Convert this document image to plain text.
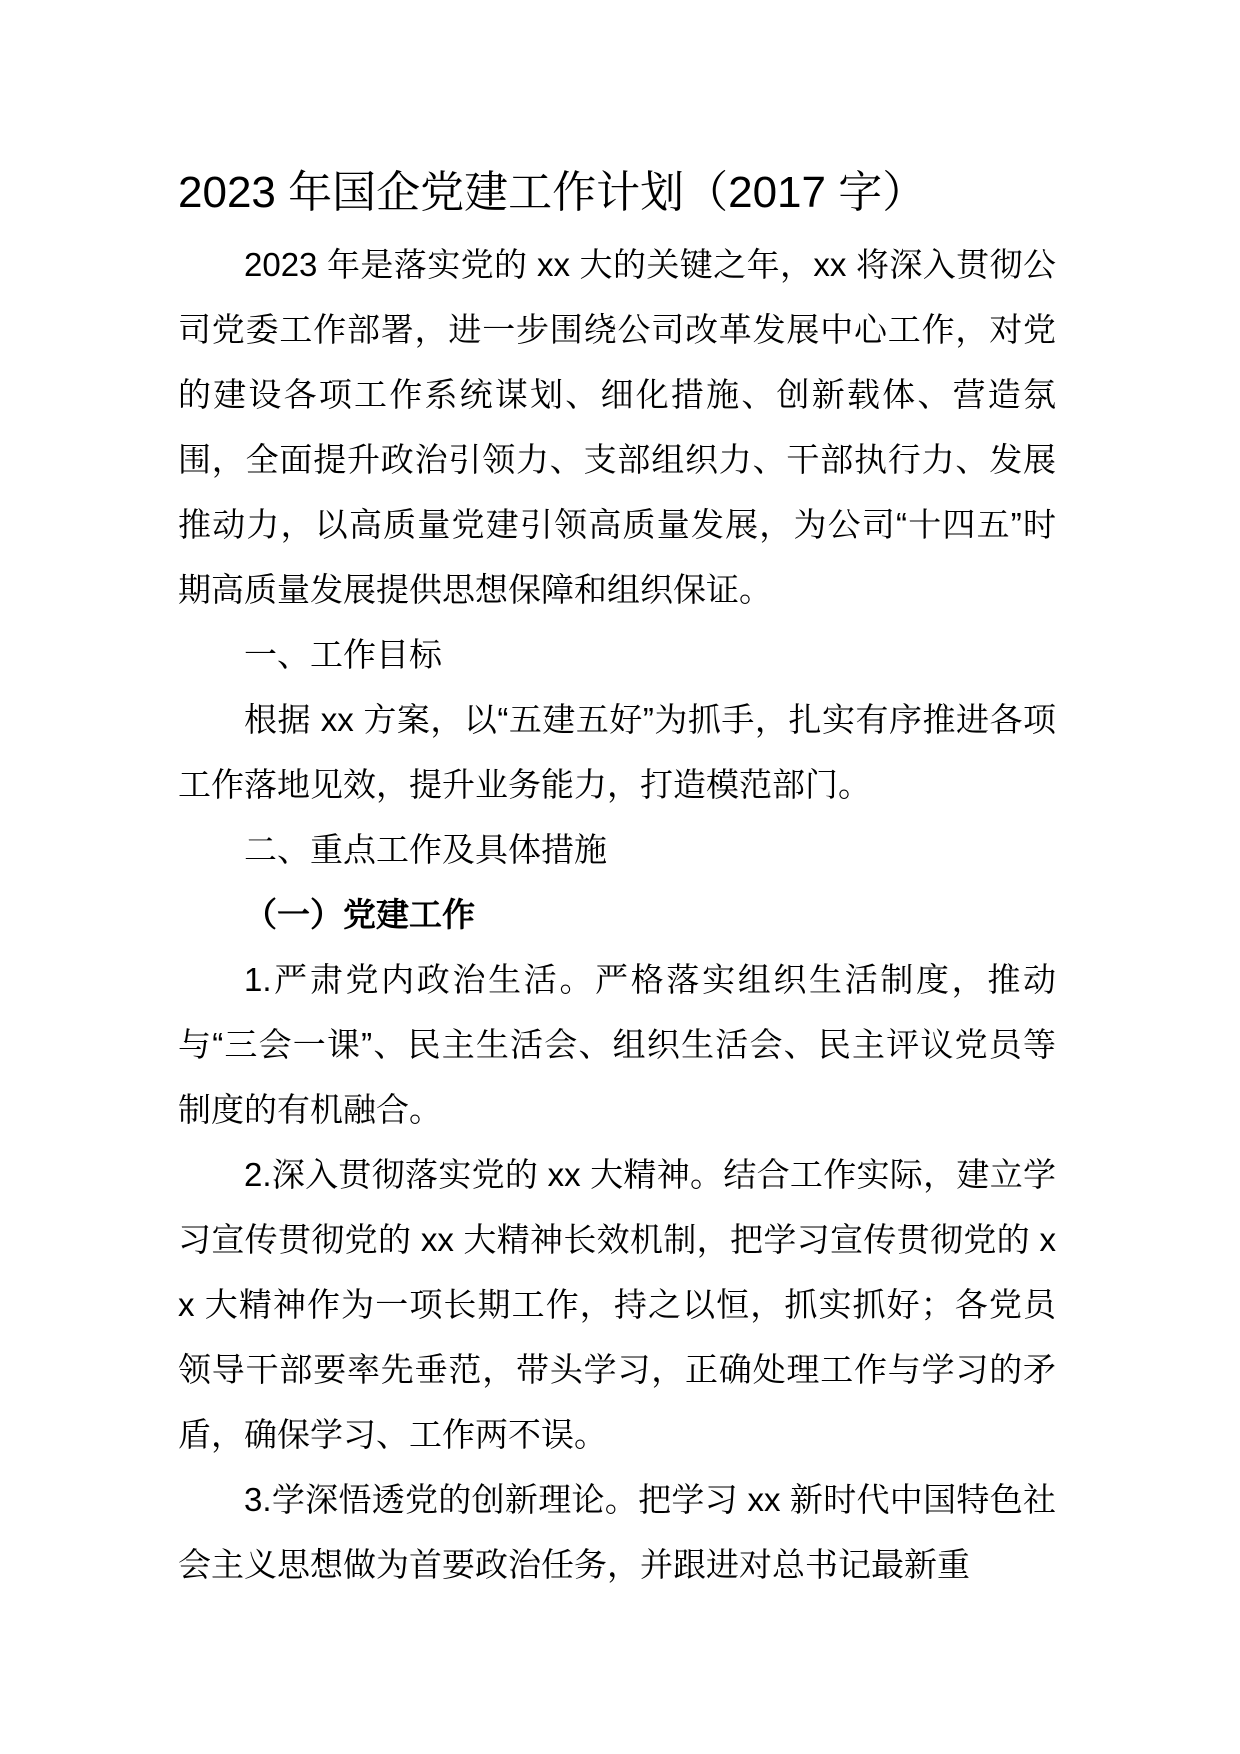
2023 年国企党建工作计划（2017 字）

2023 年是落实党的 xx 大的关键之年，xx 将深入贯彻公司党委工作部署，进一步围绕公司改革发展中心工作，对党的建设各项工作系统谋划、细化措施、创新载体、营造氛围，全面提升政治引领力、支部组织力、干部执行力、发展推动力，以高质量党建引领高质量发展，为公司“十四五”时期高质量发展提供思想保障和组织保证。

一、工作目标

根据 xx 方案，以“五建五好”为抓手，扎实有序推进各项工作落地见效，提升业务能力，打造模范部门。

二、重点工作及具体措施

（一）党建工作

1.严肃党内政治生活。严格落实组织生活制度，推动与“三会一课”、民主生活会、组织生活会、民主评议党员等制度的有机融合。

2.深入贯彻落实党的 xx 大精神。结合工作实际，建立学习宣传贯彻党的 xx 大精神长效机制，把学习宣传贯彻党的 xx 大精神作为一项长期工作，持之以恒，抓实抓好；各党员领导干部要率先垂范，带头学习，正确处理工作与学习的矛盾，确保学习、工作两不误。

3.学深悟透党的创新理论。把学习 xx 新时代中国特色社会主义思想做为首要政治任务，并跟进对总书记最新重
